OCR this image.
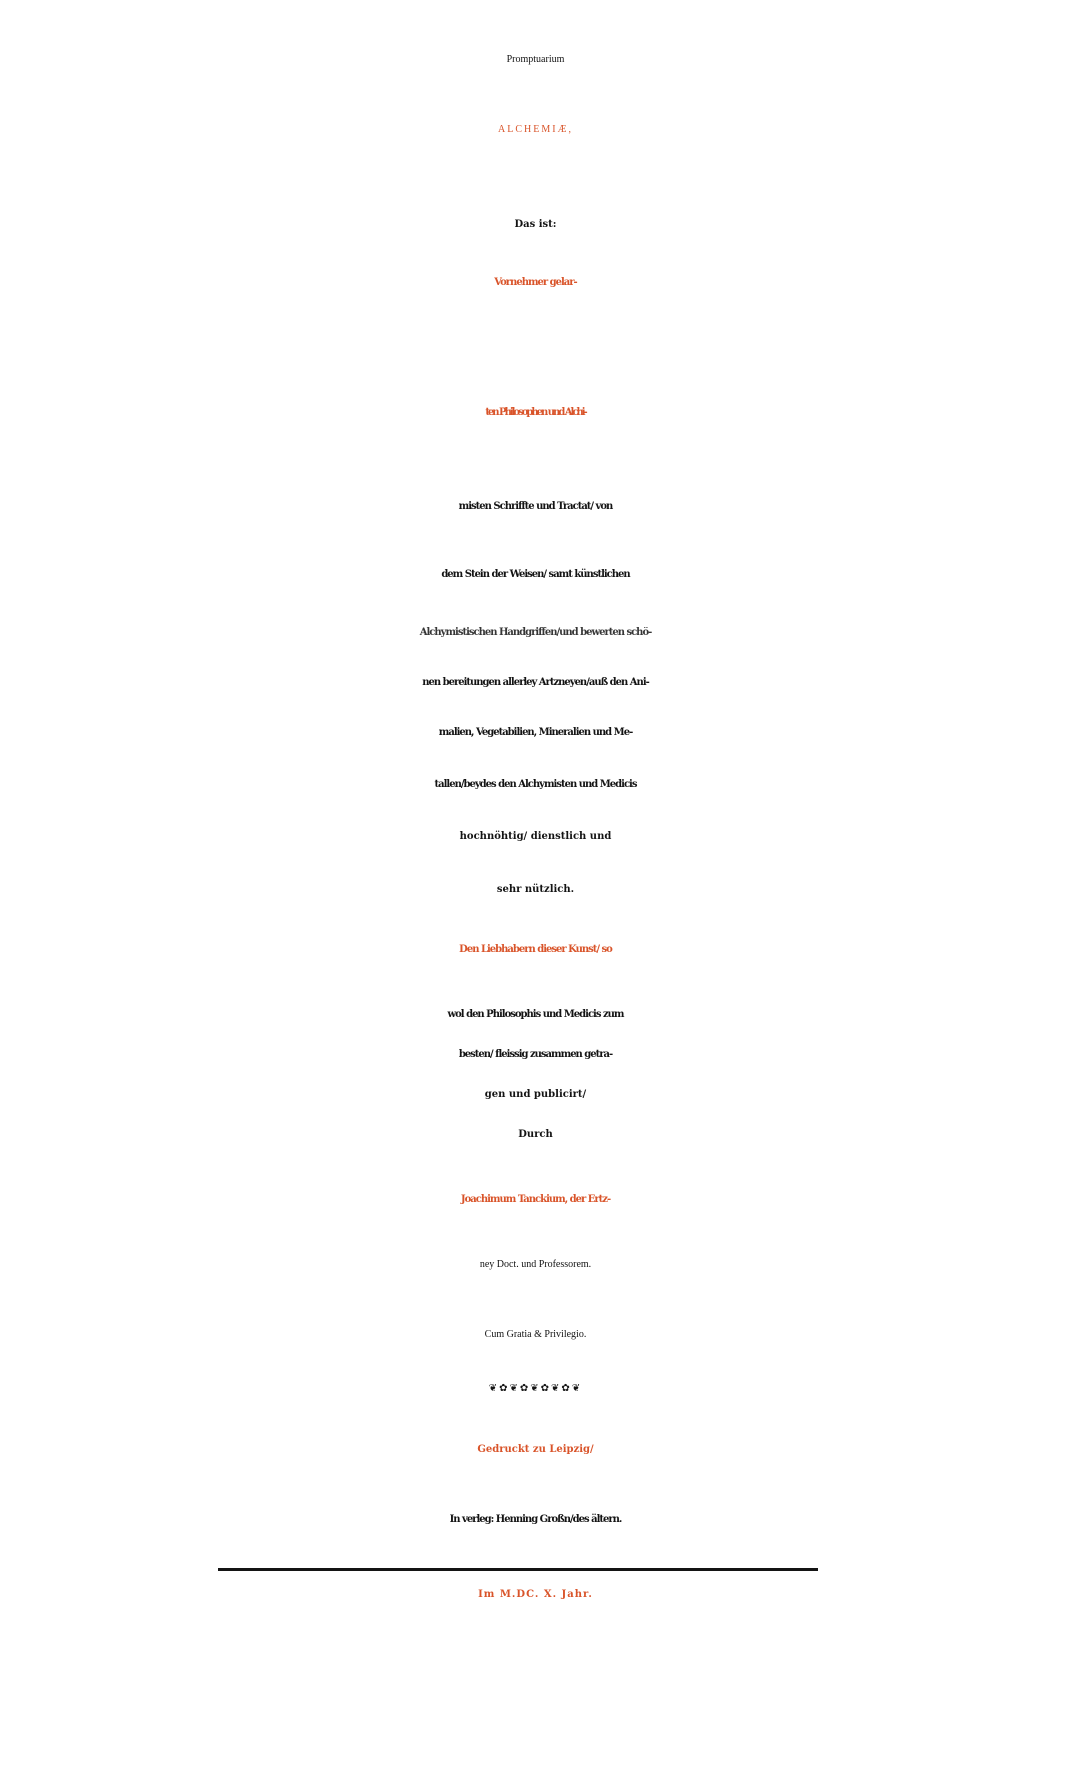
Promptuarium
ALCHEMIÆ,
Das ist:
Vornehmer gelar-
ten Philosophen und Alchi-
misten Schriffte und Tractat/ von
dem Stein der Weisen/ samt künstlichen
Alchymistischen Handgriffen/und bewerten schö-
nen bereitungen allerley Artzneyen/auß den Ani-
malien, Vegetabilien, Mineralien und Me-
tallen/beydes den Alchymisten und Medicis
hochnöhtig/ dienstlich und
sehr nützlich.
Den Liebhabern dieser Kunst/ so
wol den Philosophis und Medicis zum
besten/ fleissig zusammen getra-
gen und publicirt/
Durch
Joachimum Tanckium, der Ertz-
ney Doct. und Professorem.
Cum Gratia & Privilegio.
❦✿❦✿❦✿❦✿❦
Gedruckt zu Leipzig/
In verleg: Henning Großn/des ältern.
Im M.DC. X. Jahr.
